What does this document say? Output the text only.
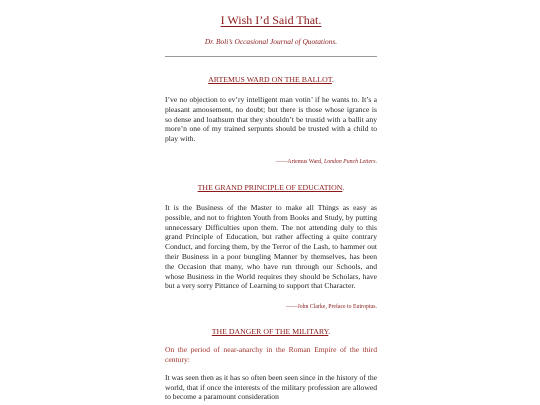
I Wish I’d Said That.

Dr. Boli’s Occasional Journal of Quotations.

ARTEMUS WARD ON THE BALLOT.

I’ve no objection to ev’ry intelligent man votin’ if he wants to. It’s a pleasant amoosement, no doubt; but there is those whose igrance is so dense and loathsum that they shouldn’t be trustid with a ballit any more’n one of my trained serpunts should be trusted with a child to play with.

——Artemus Ward, London Punch Letters.

THE GRAND PRINCIPLE OF EDUCATION.

It is the Business of the Master to make all Things as easy as possible, and not to frighten Youth from Books and Study, by putting unnecessary Difficulties upon them. The not attending duly to this grand Principle of Education, but rather affecting a quite contrary Conduct, and forcing them, by the Terror of the Lash, to hammer out their Business in a poor bungling Manner by themselves, has been the Occasion that many, who have run through our Schools, and whose Business in the World requires they should be Scholars, have but a very sorry Pittance of Learning to support that Character.

——John Clarke, Preface to Eutropius.

THE DANGER OF THE MILITARY.

On the period of near-anarchy in the Roman Empire of the third century:

It was seen then as it has so often been seen since in the history of the world, that if once the interests of the military profession are allowed to become a paramount consideration
